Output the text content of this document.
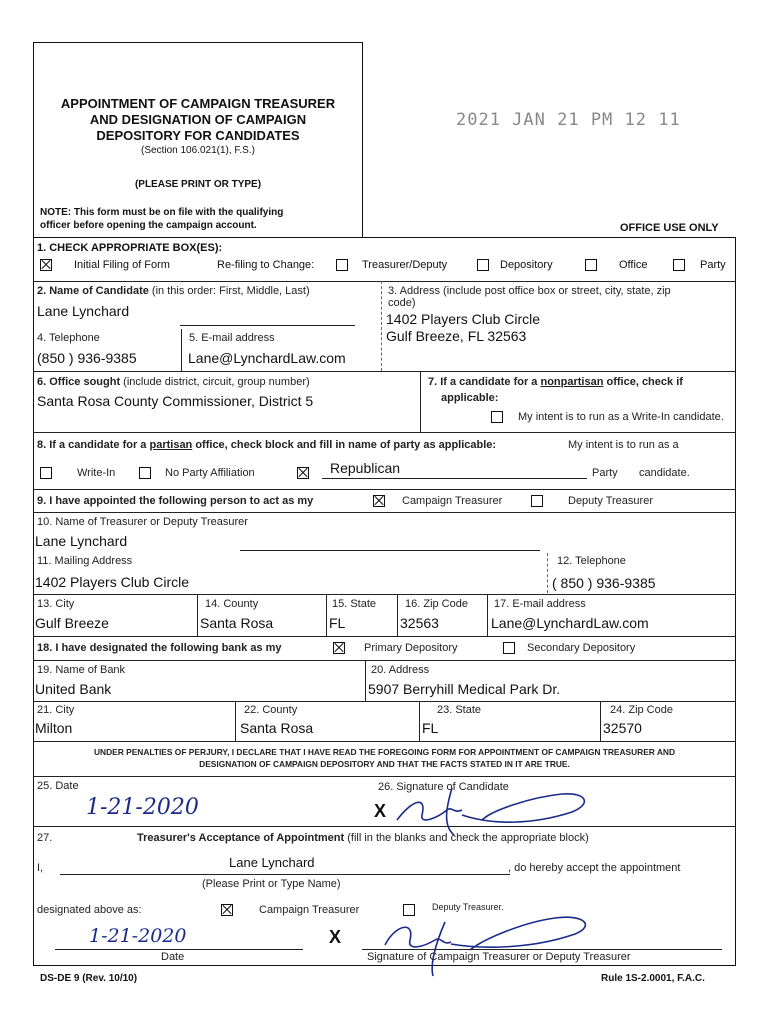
APPOINTMENT OF CAMPAIGN TREASURER
AND DESIGNATION OF CAMPAIGN
DEPOSITORY FOR CANDIDATES
(Section 106.021(1), F.S.)
(PLEASE PRINT OR TYPE)
NOTE: This form must be on file with the qualifying
officer before opening the campaign account.
2021 JAN 21 PM 12 11
OFFICE USE ONLY
1. CHECK APPROPRIATE BOX(ES):
Initial Filing of Form	Re-filing to Change:	Treasurer/Deputy	Depository	Office	Party
2. Name of Candidate (in this order: First, Middle, Last)
Lane Lynchard
3. Address (include post office box or street, city, state, zip
code)
1402 Players Club Circle
Gulf Breeze, FL 32563
4. Telephone	5. E-mail address
(850 ) 936-9385	Lane@LynchardLaw.com
6. Office sought (include district, circuit, group number)
Santa Rosa County Commissioner, District 5
7. If a candidate for a nonpartisan office, check if
applicable:
My intent is to run as a Write-In candidate.
8. If a candidate for a partisan office, check block and fill in name of party as applicable:	My intent is to run as a
Write-In	No Party Affiliation	Republican	Party candidate.
9. I have appointed the following person to act as my	Campaign Treasurer	Deputy Treasurer
10. Name of Treasurer or Deputy Treasurer
Lane Lynchard
11. Mailing Address
1402 Players Club Circle
12. Telephone
( 850 ) 936-9385
13. City	14. County	15. State	16. Zip Code 17. E-mail address
Gulf Breeze	Santa Rosa	FL	32563	Lane@LynchardLaw.com
18. I have designated the following bank as my	Primary Depository	Secondary Depository
19. Name of Bank	20. Address
United Bank	5907 Berryhill Medical Park Dr.
21. City	22. County	23. State	24. Zip Code
Milton	Santa Rosa	FL	32570
UNDER PENALTIES OF PERJURY, I DECLARE THAT I HAVE READ THE FOREGOING FORM FOR APPOINTMENT OF CAMPAIGN TREASURER AND
DESIGNATION OF CAMPAIGN DEPOSITORY AND THAT THE FACTS STATED IN IT ARE TRUE.
25. Date
1-21-2020
26. Signature of Candidate
X
27.	Treasurer's Acceptance of Appointment (fill in the blanks and check the appropriate block)
I,	Lane Lynchard	, do hereby accept the appointment
(Please Print or Type Name)
designated above as:	Campaign Treasurer	Deputy Treasurer.
1-21-2020
Date
X
Signature of Campaign Treasurer or Deputy Treasurer
DS-DE 9 (Rev. 10/10)	Rule 1S-2.0001, F.A.C.
